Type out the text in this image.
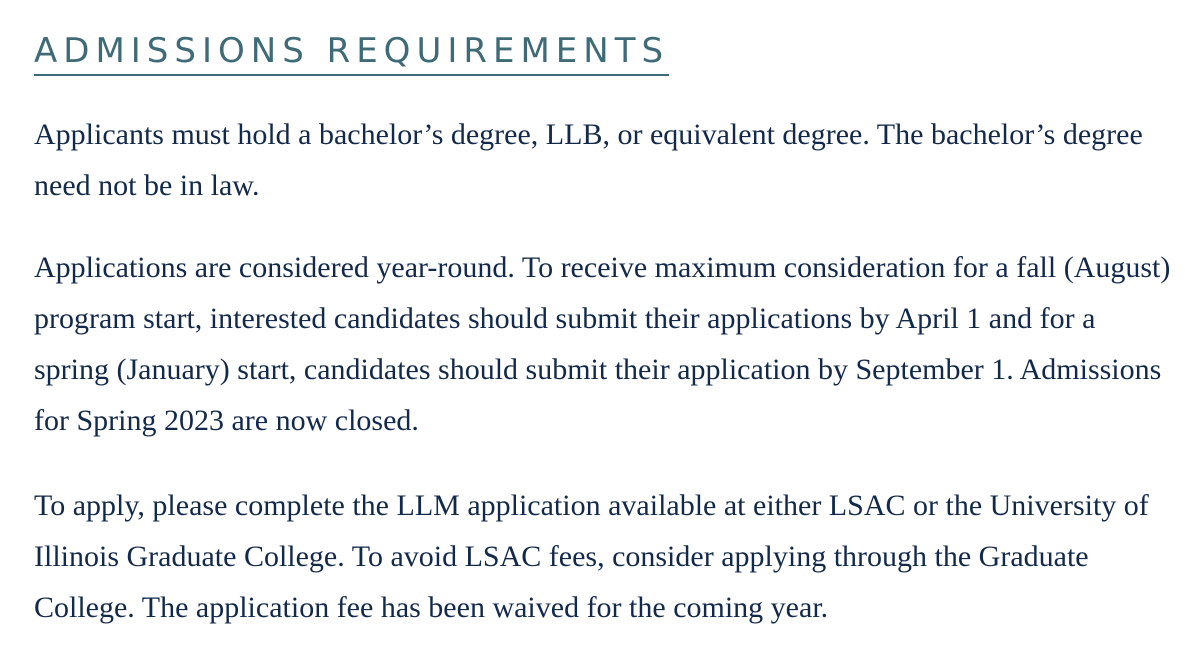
ADMISSIONS REQUIREMENTS

Applicants must hold a bachelor’s degree, LLB, or equivalent degree. The bachelor’s degree need not be in law.

Applications are considered year-round. To receive maximum consideration for a fall (August) program start, interested candidates should submit their applications by April 1 and for a spring (January) start, candidates should submit their application by September 1. Admissions for Spring 2023 are now closed.

To apply, please complete the LLM application available at either LSAC or the University of Illinois Graduate College. To avoid LSAC fees, consider applying through the Graduate College. The application fee has been waived for the coming year.
